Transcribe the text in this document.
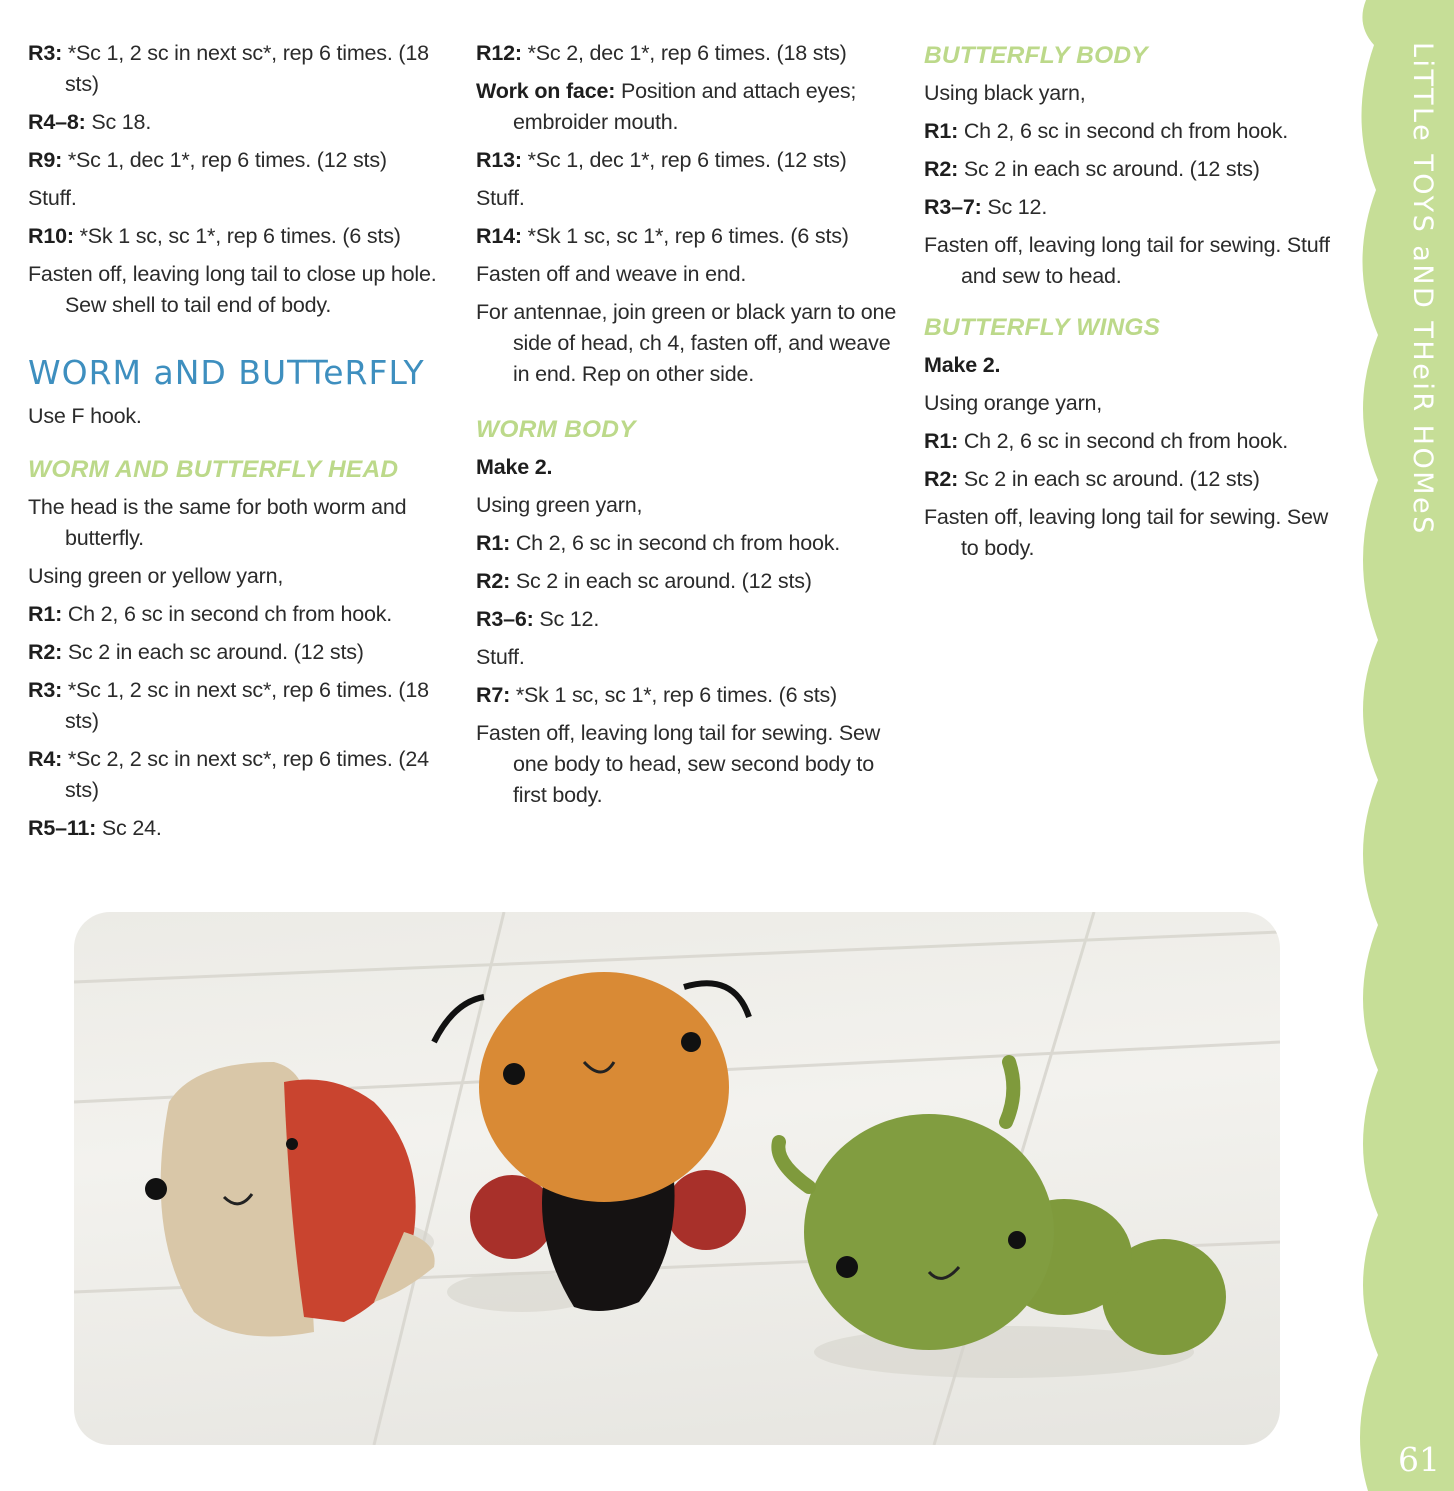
R3: *Sc 1, 2 sc in next sc*, rep 6 times. (18 sts)

R4–8: Sc 18.

R9: *Sc 1, dec 1*, rep 6 times. (12 sts)

Stuff.

R10: *Sk 1 sc, sc 1*, rep 6 times. (6 sts)

Fasten off, leaving long tail to close up hole. Sew shell to tail end of body.

WORM aND BUTTeRFLY

Use F hook.

WORM AND BUTTERFLY HEAD

The head is the same for both worm and butterfly.

Using green or yellow yarn,

R1: Ch 2, 6 sc in second ch from hook.

R2: Sc 2 in each sc around. (12 sts)

R3: *Sc 1, 2 sc in next sc*, rep 6 times. (18 sts)

R4: *Sc 2, 2 sc in next sc*, rep 6 times. (24 sts)

R5–11: Sc 24.

R12: *Sc 2, dec 1*, rep 6 times. (18 sts)

Work on face: Position and attach eyes; embroider mouth.

R13: *Sc 1, dec 1*, rep 6 times. (12 sts)

Stuff.

R14: *Sk 1 sc, sc 1*, rep 6 times. (6 sts)

Fasten off and weave in end.

For antennae, join green or black yarn to one side of head, ch 4, fasten off, and weave in end. Rep on other side.

WORM BODY

Make 2.

Using green yarn,

R1: Ch 2, 6 sc in second ch from hook.

R2: Sc 2 in each sc around. (12 sts)

R3–6: Sc 12.

Stuff.

R7: *Sk 1 sc, sc 1*, rep 6 times. (6 sts)

Fasten off, leaving long tail for sewing. Sew one body to head, sew second body to first body.

BUTTERFLY BODY

Using black yarn,

R1: Ch 2, 6 sc in second ch from hook.

R2: Sc 2 in each sc around. (12 sts)

R3–7: Sc 12.

Fasten off, leaving long tail for sewing. Stuff and sew to head.

BUTTERFLY WINGS

Make 2.

Using orange yarn,

R1: Ch 2, 6 sc in second ch from hook.

R2: Sc 2 in each sc around. (12 sts)

Fasten off, leaving long tail for sewing. Sew to body.

LiTTLe TOYS aND THeiR HOMeS
61
